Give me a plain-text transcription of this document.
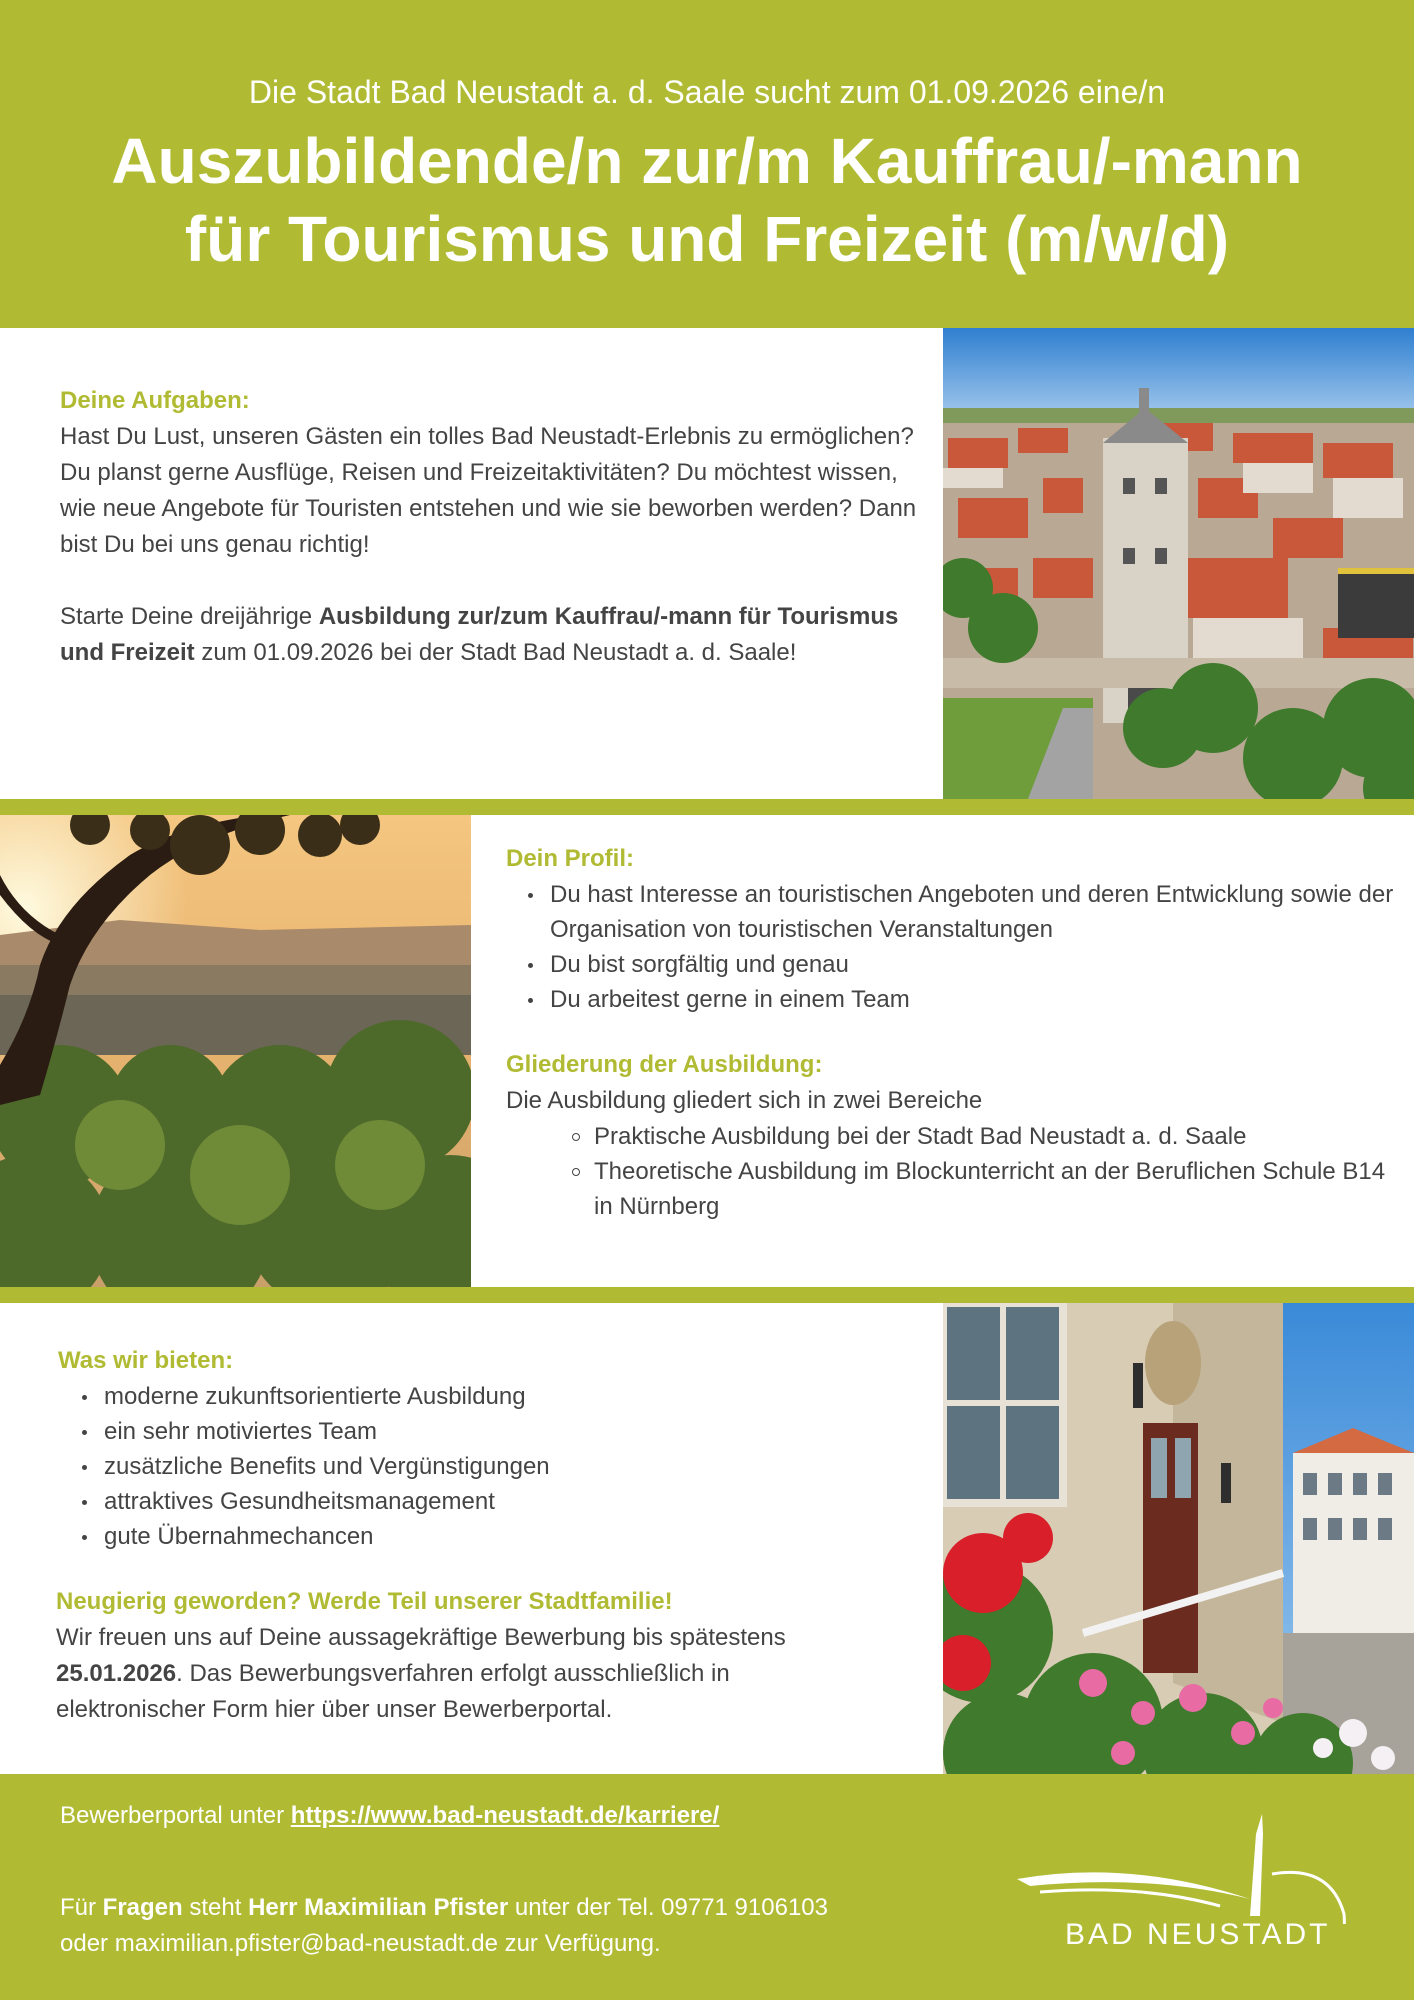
Die Stadt Bad Neustadt a. d. Saale sucht zum 01.09.2026 eine/n
Auszubildende/n zur/m Kauffrau/-mann
für Tourismus und Freizeit (m/w/d)
Deine Aufgaben:

Hast Du Lust, unseren Gästen ein tolles Bad Neustadt-Erlebnis zu ermöglichen? Du planst gerne Ausflüge, Reisen und Freizeitaktivitäten? Du möchtest wissen, wie neue Angebote für Touristen entstehen und wie sie beworben werden? Dann bist Du bei uns genau richtig!

Starte Deine dreijährige Ausbildung zur/zum Kauffrau/-mann für Tourismus und Freizeit zum 01.09.2026 bei der Stadt Bad Neustadt a. d. Saale!

Dein Profil:
Du hast Interesse an touristischen Angeboten und deren Entwicklung sowie der Organisation von touristischen Veranstaltungen
Du bist sorgfältig und genau
Du arbeitest gerne in einem Team
Gliederung der Ausbildung:
Die Ausbildung gliedert sich in zwei Bereiche
Praktische Ausbildung bei der Stadt Bad Neustadt a. d. Saale
Theoretische Ausbildung im Blockunterricht an der Beruflichen Schule B14 in Nürnberg
Was wir bieten:
moderne zukunftsorientierte Ausbildung
ein sehr motiviertes Team
zusätzliche Benefits und Vergünstigungen
attraktives Gesundheitsmanagement
gute Übernahmechancen
Neugierig geworden? Werde Teil unserer Stadtfamilie!

Wir freuen uns auf Deine aussagekräftige Bewerbung bis spätestens 25.01.2026. Das Bewerbungsverfahren erfolgt ausschließlich in elektronischer Form hier über unser Bewerberportal.

Bewerberportal unter https://www.bad-neustadt.de/karriere/
Für Fragen steht Herr Maximilian Pfister unter der Tel. 09771 9106103
oder maximilian.pfister@bad-neustadt.de zur Verfügung.	BAD NEUSTADT
